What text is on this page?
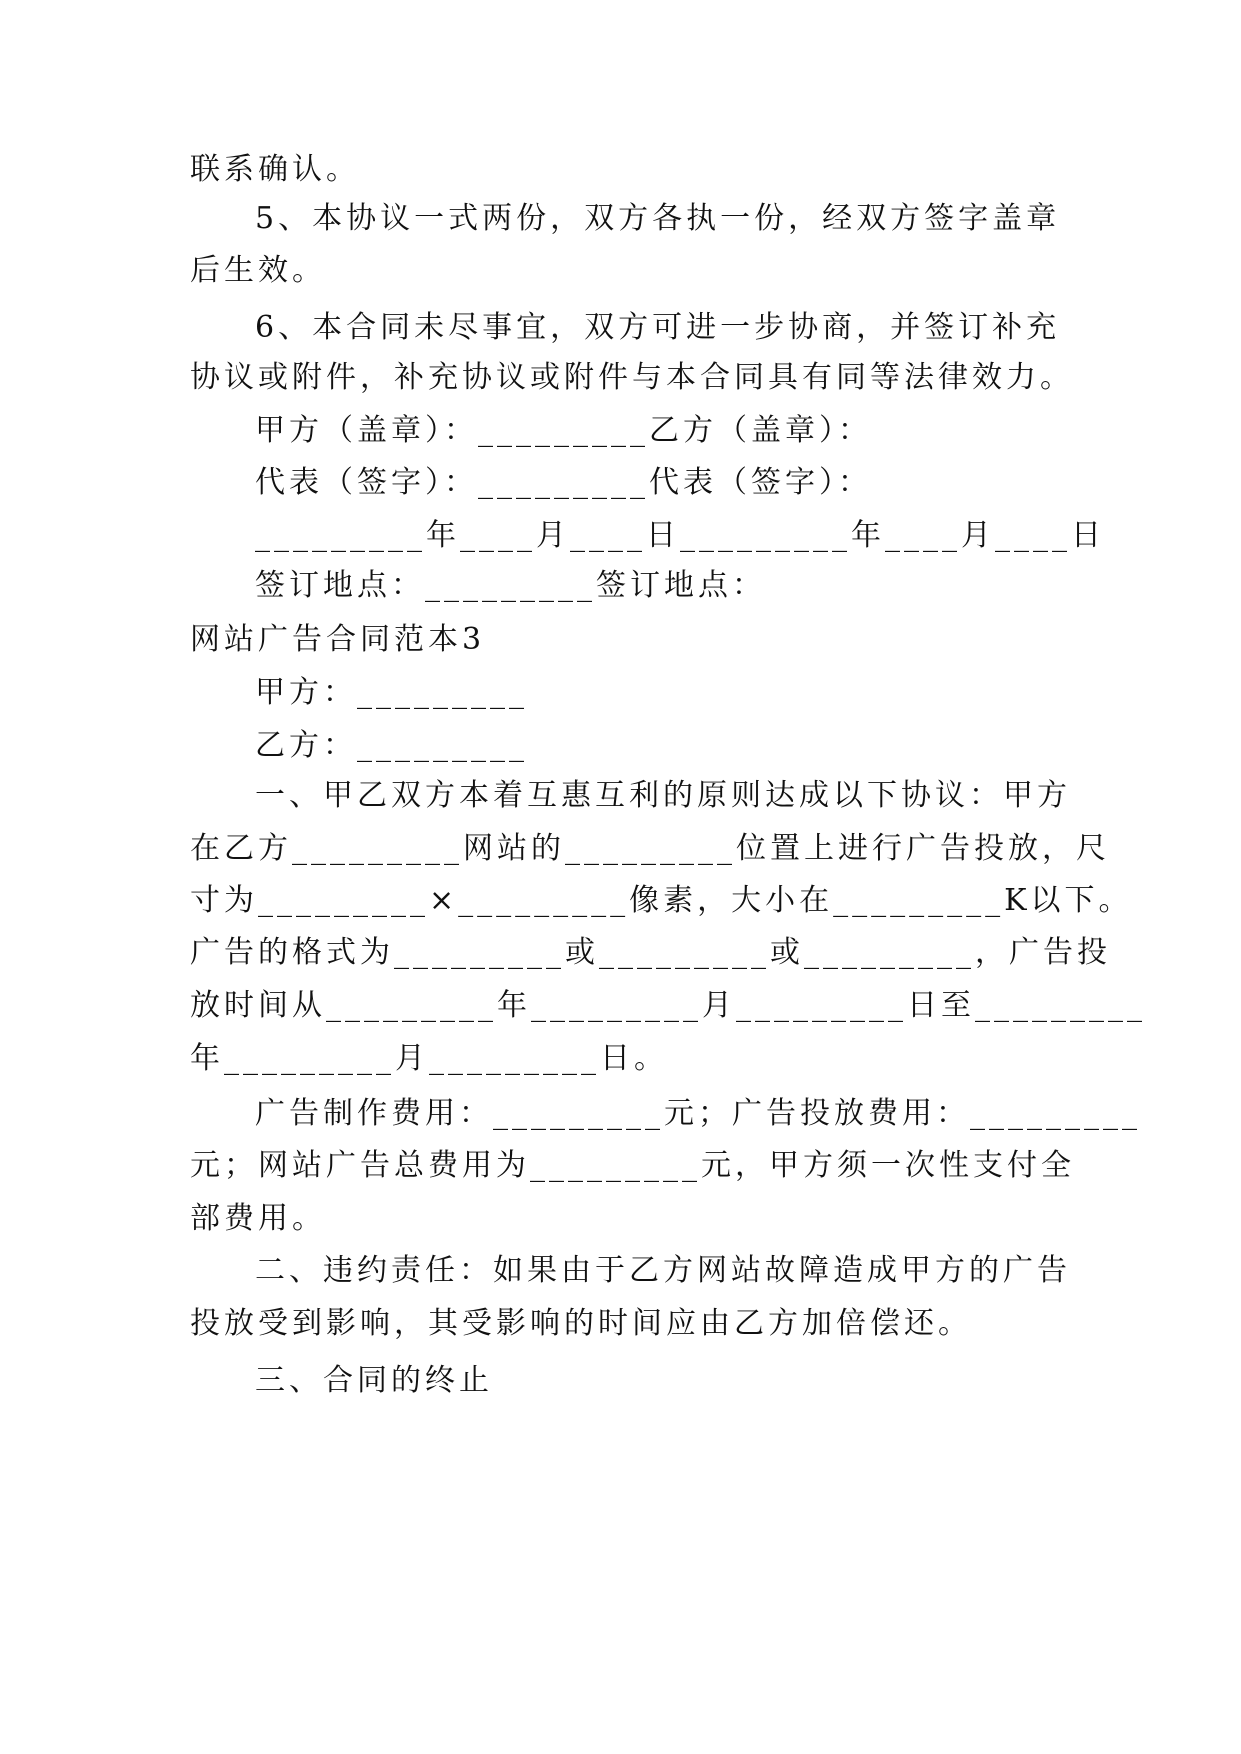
联系确认。
5、本协议一式两份，双方各执一份，经双方签字盖章
后生效。
6、本合同未尽事宜，双方可进一步协商，并签订补充
协议或附件，补充协议或附件与本合同具有同等法律效力。
甲方（盖章）：_________乙方（盖章）：
代表（签字）：_________代表（签字）：
_________年____月____日_________年____月____日
签订地点：_________签订地点：
网站广告合同范本3
甲方：_________
乙方：_________
一、甲乙双方本着互惠互利的原则达成以下协议：甲方
在乙方_________网站的_________位置上进行广告投放，尺
寸为_________×_________像素，大小在_________K以下。
广告的格式为_________或_________或_________，广告投
放时间从_________年_________月_________日至_________
年_________月_________日。
广告制作费用：_________元；广告投放费用：_________
元；网站广告总费用为_________元，甲方须一次性支付全
部费用。
二、违约责任：如果由于乙方网站故障造成甲方的广告
投放受到影响，其受影响的时间应由乙方加倍偿还。
三、合同的终止
